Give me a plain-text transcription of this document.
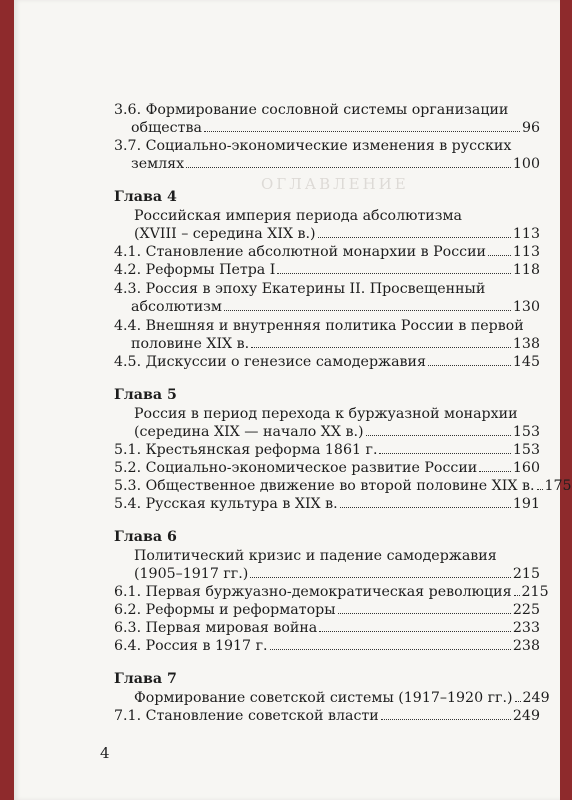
ОГЛАВЛЕНИЕ
3.6. Формирование сословной системы организации
общества	96
3.7. Социально-экономические изменения в русских
землях	100
Глава 4
Российская империя периода абсолютизма
(XVIII – середина XIX в.)	113
4.1. Становление абсолютной монархии в России 113
4.2. Реформы Петра I	118
4.3. Россия в эпоху Екатерины II. Просвещенный
абсолютизм	130
4.4. Внешняя и внутренняя политика России в первой
половине XIX в.	138
4.5. Дискуссии о генезисе самодержавия	145
Глава 5
Россия в период перехода к буржуазной монархии
(середина XIX — начало XX в.)	153
5.1. Крестьянская реформа 1861 г.	153
5.2. Социально-экономическое развитие России	160
5.3. Общественное движение во второй половине XIX в. 175
5.4. Русская культура в XIX в.	191
Глава 6
Политический кризис и падение самодержавия
(1905–1917 гг.)	215
6.1. Первая буржуазно-демократическая революция 215
6.2. Реформы и реформаторы	225
6.3. Первая мировая война	233
6.4. Россия в 1917 г.	238
Глава 7
Формирование советской системы (1917–1920 гг.) 249
7.1. Становление советской власти	249
4
